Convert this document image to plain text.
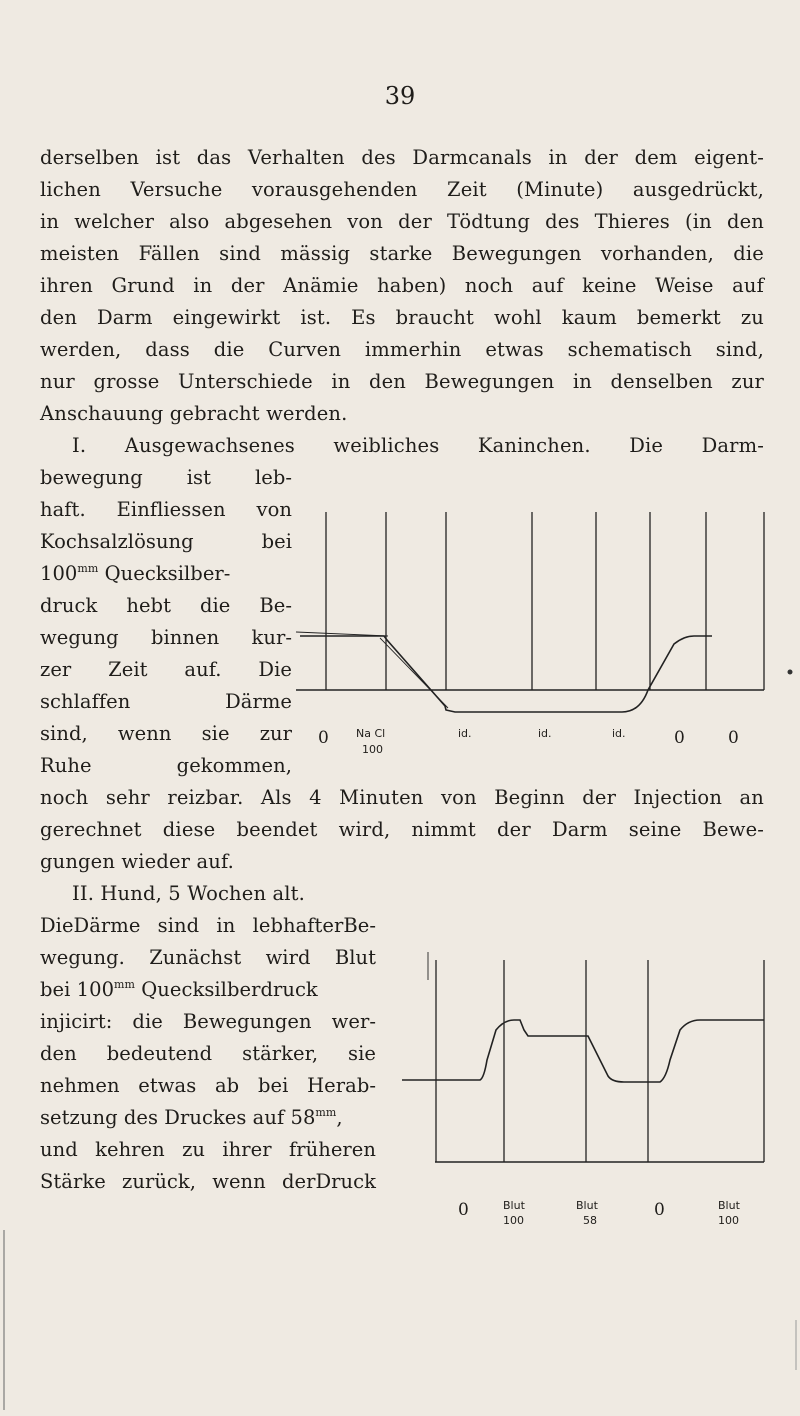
39
derselben ist das Verhalten des Darmcanals in der dem eigent-
lichen Versuche vorausgehenden Zeit (Minute) ausgedrückt,
in welcher also abgesehen von der Tödtung des Thieres (in den
meisten Fällen sind mässig starke Bewegungen vorhanden, die
ihren Grund in der Anämie haben) noch auf keine Weise auf
den Darm eingewirkt ist. Es braucht wohl kaum bemerkt zu
werden, dass die Curven immerhin etwas schematisch sind,
nur grosse Unterschiede in den Bewegungen in denselben zur
Anschauung gebracht werden.
I. Ausgewachsenes weibliches Kaninchen. Die Darm-
bewegung ist leb-
haft. Einfliessen von
Kochsalzlösung bei
$100^{mm}$ Quecksilber-
druck hebt die Be-
wegung binnen kur-
zer Zeit auf. Die
schlaffen Därme
sind, wenn sie zur
Ruhe gekommen,
noch sehr reizbar. Als 4 Minuten von Beginn der Injection an
gerechnet diese beendet wird, nimmt der Darm seine Bewe-
gungen wieder auf.
II. Hund, 5 Wochen alt.
DieDärme sind in lebhafterBe-
wegung. Zunächst wird Blut
bei $100^{mm}$ Quecksilberdruck
injicirt: die Bewegungen wer-
den bedeutend stärker, sie
nehmen etwas ab bei Herab-
setzung des Druckes auf $58^{mm}$,
und kehren zu ihrer früheren
Stärke zurück, wenn derDruck
0 Na Cl
100
id.	id.	id.	0	0
0	Blut
100
Blut
58
0	Blut
100
